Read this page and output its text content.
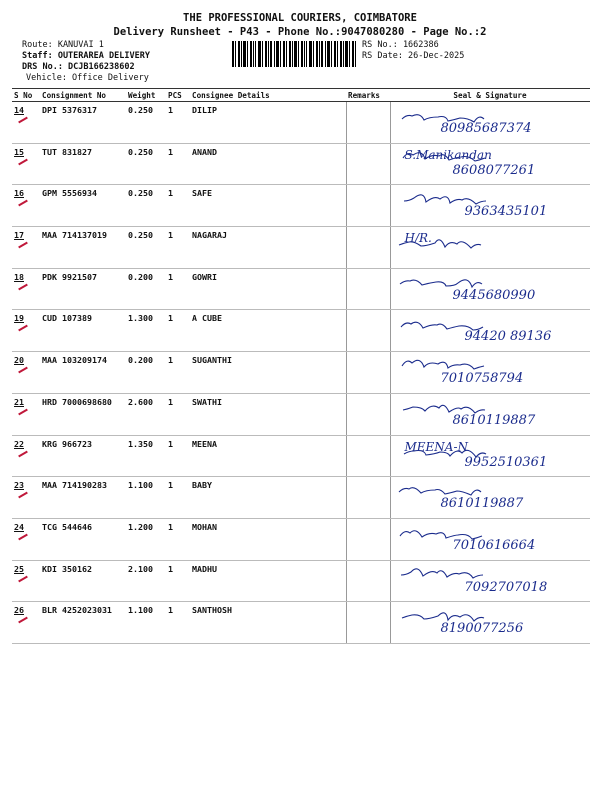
THE PROFESSIONAL COURIERS, COIMBATORE
Delivery Runsheet - P43 - Phone No.:9047080280 - Page No.:2
Route: KANUVAI 1
Staff: OUTERAREA DELIVERY
DRS No.: DCJB166238602
Vehicle: Office Delivery
RS No.: 1662386
RS Date: 26-Dec-2025
S No	Consignment No	Weight	PCS	Consignee Details	Remarks	Seal & Signature
14	DPI 5376317	0.250	1	DILIP		80985687374

15	TUT 831827	0.250	1	ANAND		S.Manikandan
8608077261

16	GPM 5556934	0.250	1	SAFE		9363435101

17	MAA 714137019	0.250	1	NAGARAJ		H/R.

18	PDK 9921507	0.200	1	GOWRI		9445680990

19	CUD 107389	1.300	1	A CUBE		94420 89136

20	MAA 103209174	0.200	1	SUGANTHI		7010758794

21	HRD 7000698680	2.600	1	SWATHI		8610119887

22	KRG 966723	1.350	1	MEENA		MEENA-N
9952510361

23	MAA 714190283	1.100	1	BABY		8610119887

24	TCG 544646	1.200	1	MOHAN		7010616664

25	KDI 350162	2.100	1	MADHU		7092707018

26	BLR 4252023031	1.100	1	SANTHOSH		8190077256
